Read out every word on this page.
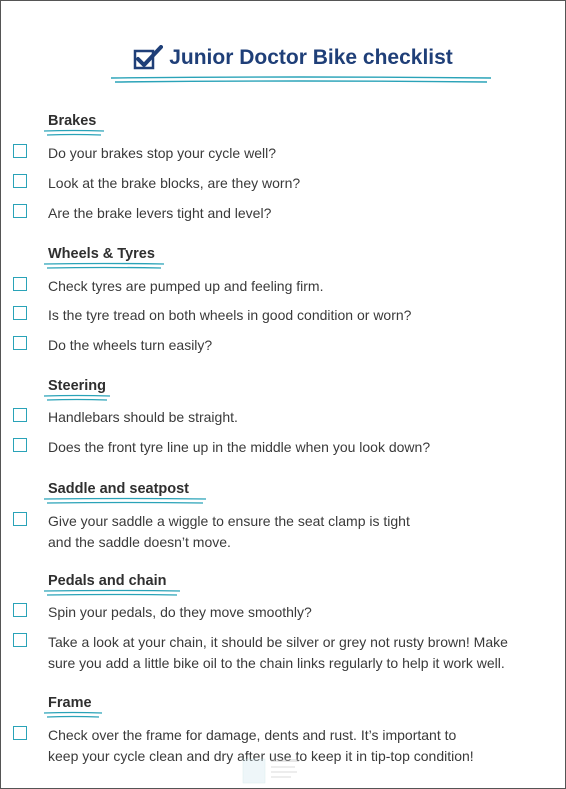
Junior Doctor Bike checklist
Brakes
Do your brakes stop your cycle well?
Look at the brake blocks, are they worn?
Are the brake levers tight and level?
Wheels & Tyres
Check tyres are pumped up and feeling firm.
Is the tyre tread on both wheels in good condition or worn?
Do the wheels turn easily?
Steering
Handlebars should be straight.
Does the front tyre line up in the middle when you look down?
Saddle and seatpost
Give your saddle a wiggle to ensure the seat clamp is tight
and the saddle doesn’t move.
Pedals and chain
Spin your pedals, do they move smoothly?
Take a look at your chain, it should be silver or grey not rusty brown! Make
sure you add a little bike oil to the chain links regularly to help it work well.
Frame
Check over the frame for damage, dents and rust. It’s important to
keep your cycle clean and dry after use to keep it in tip-top condition!
